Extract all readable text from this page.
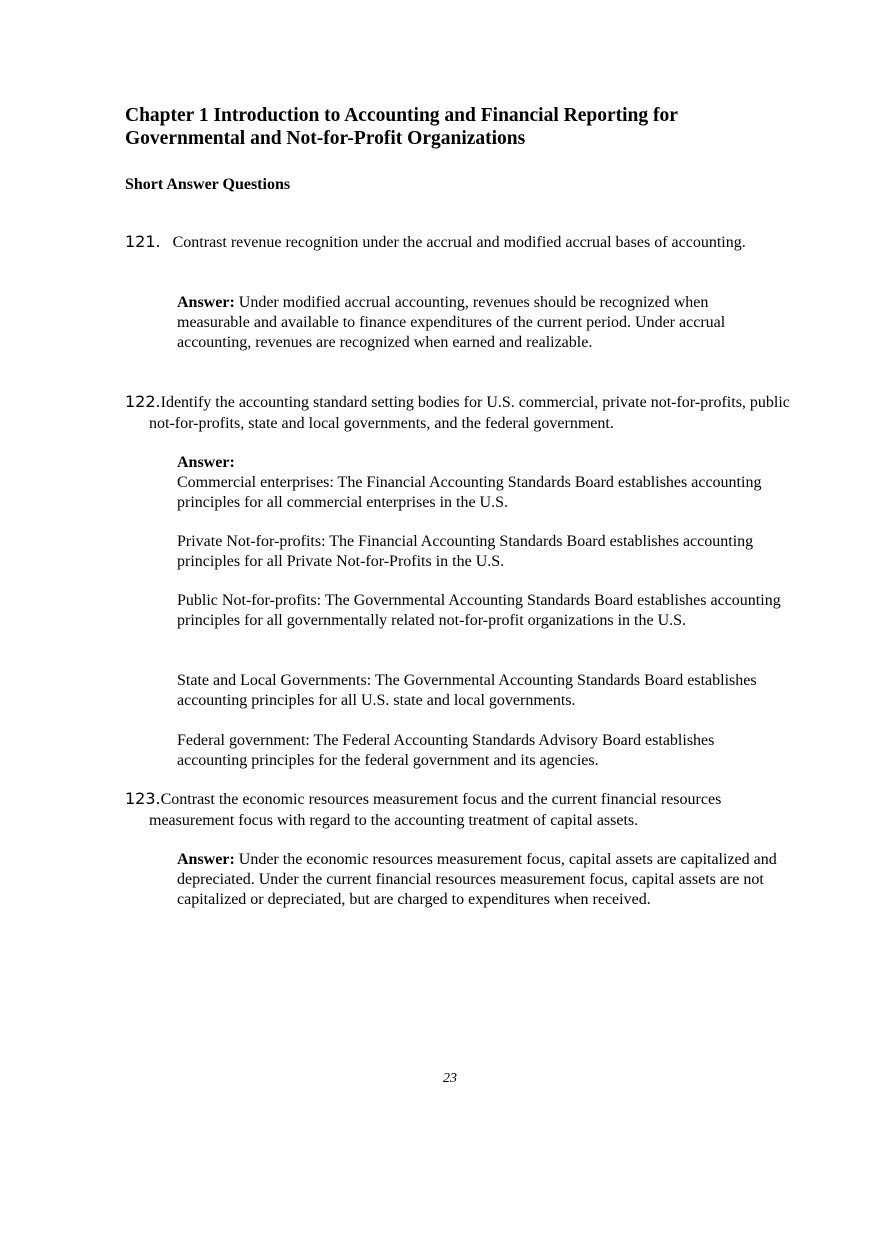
Chapter 1 Introduction to Accounting and Financial Reporting for Governmental and Not-for-Profit Organizations
Short Answer Questions

121. Contrast revenue recognition under the accrual and modified accrual bases of accounting.

Answer: Under modified accrual accounting, revenues should be recognized when measurable and available to finance expenditures of the current period. Under accrual accounting, revenues are recognized when earned and realizable.

122.Identify the accounting standard setting bodies for U.S. commercial, private not-for-profits, public not-for-profits, state and local governments, and the federal government.

Answer:

Commercial enterprises: The Financial Accounting Standards Board establishes accounting principles for all commercial enterprises in the U.S.

Private Not-for-profits: The Financial Accounting Standards Board establishes accounting principles for all Private Not-for-Profits in the U.S.

Public Not-for-profits: The Governmental Accounting Standards Board establishes accounting principles for all governmentally related not-for-profit organizations in the U.S.

State and Local Governments: The Governmental Accounting Standards Board establishes accounting principles for all U.S. state and local governments.

Federal government: The Federal Accounting Standards Advisory Board establishes accounting principles for the federal government and its agencies.

123.Contrast the economic resources measurement focus and the current financial resources measurement focus with regard to the accounting treatment of capital assets.

Answer: Under the economic resources measurement focus, capital assets are capitalized and depreciated. Under the current financial resources measurement focus, capital assets are not capitalized or depreciated, but are charged to expenditures when received.

23
